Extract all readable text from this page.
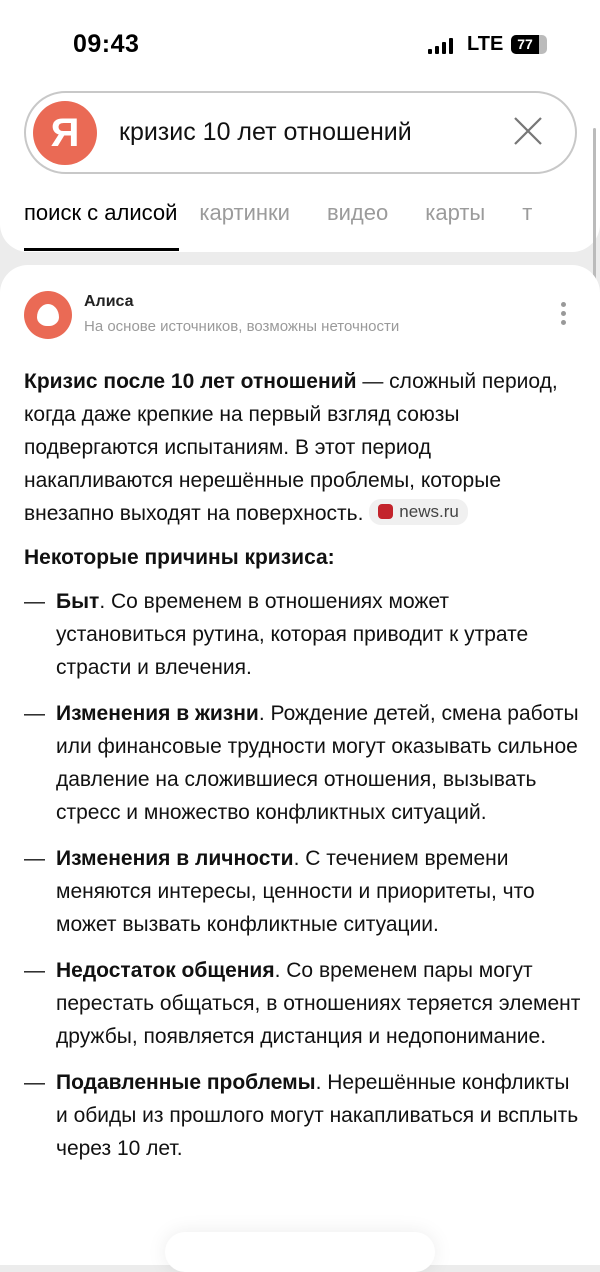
09:43	LTE 77
Я	кризис 10 лет отношений
поиск с алисой картинки видео карты т
Алиса
На основе источников, возможны неточности

Кризис после 10 лет отношений — сложный период, когда даже крепкие на первый взгляд союзы подвергаются испытаниям. В этот период накапливаются нерешённые проблемы, которые внезапно выходят на поверхность. news.ru

Некоторые причины кризиса:
— Быт. Со временем в отношениях может установиться рутина, которая приводит к утрате страсти и влечения.
— Изменения в жизни. Рождение детей, смена работы или финансовые трудности могут оказывать сильное давление на сложившиеся отношения, вызывать стресс и множество конфликтных ситуаций.
— Изменения в личности. С течением времени меняются интересы, ценности и приоритеты, что может вызвать конфликтные ситуации.
— Недостаток общения. Со временем пары могут перестать общаться, в отношениях теряется элемент дружбы, появляется дистанция и недопонимание.
— Подавленные проблемы. Нерешённые конфликты и обиды из прошлого могут накапливаться и всплыть через 10 лет.
